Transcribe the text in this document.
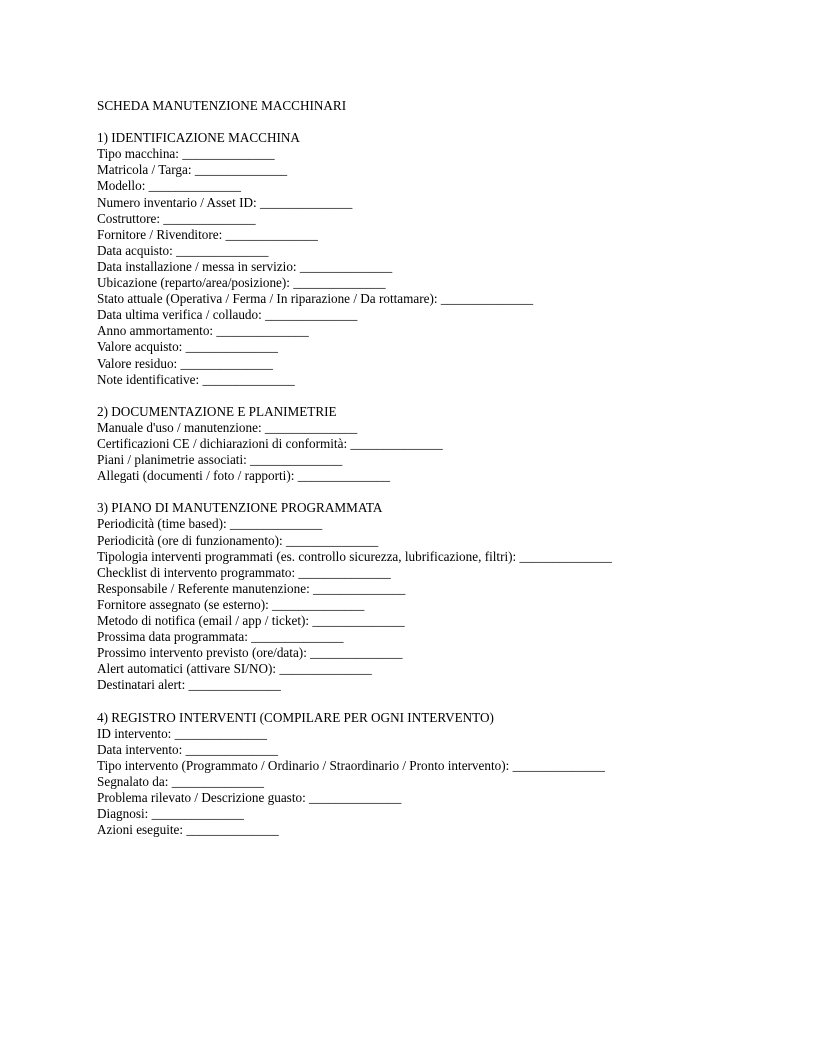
SCHEDA MANUTENZIONE MACCHINARI
1) IDENTIFICAZIONE MACCHINA
Tipo macchina: ______________
Matricola / Targa: ______________
Modello: ______________
Numero inventario / Asset ID: ______________
Costruttore: ______________
Fornitore / Rivenditore: ______________
Data acquisto: ______________
Data installazione / messa in servizio: ______________
Ubicazione (reparto/area/posizione): ______________
Stato attuale (Operativa / Ferma / In riparazione / Da rottamare): ______________
Data ultima verifica / collaudo: ______________
Anno ammortamento: ______________
Valore acquisto: ______________
Valore residuo: ______________
Note identificative: ______________
2) DOCUMENTAZIONE E PLANIMETRIE
Manuale d'uso / manutenzione: ______________
Certificazioni CE / dichiarazioni di conformità: ______________
Piani / planimetrie associati: ______________
Allegati (documenti / foto / rapporti): ______________
3) PIANO DI MANUTENZIONE PROGRAMMATA
Periodicità (time based): ______________
Periodicità (ore di funzionamento): ______________
Tipologia interventi programmati (es. controllo sicurezza, lubrificazione, filtri): ______________
Checklist di intervento programmato: ______________
Responsabile / Referente manutenzione: ______________
Fornitore assegnato (se esterno): ______________
Metodo di notifica (email / app / ticket): ______________
Prossima data programmata: ______________
Prossimo intervento previsto (ore/data): ______________
Alert automatici (attivare SI/NO): ______________
Destinatari alert: ______________
4) REGISTRO INTERVENTI (COMPILARE PER OGNI INTERVENTO)
ID intervento: ______________
Data intervento: ______________
Tipo intervento (Programmato / Ordinario / Straordinario / Pronto intervento): ______________
Segnalato da: ______________
Problema rilevato / Descrizione guasto: ______________
Diagnosi: ______________
Azioni eseguite: ______________
